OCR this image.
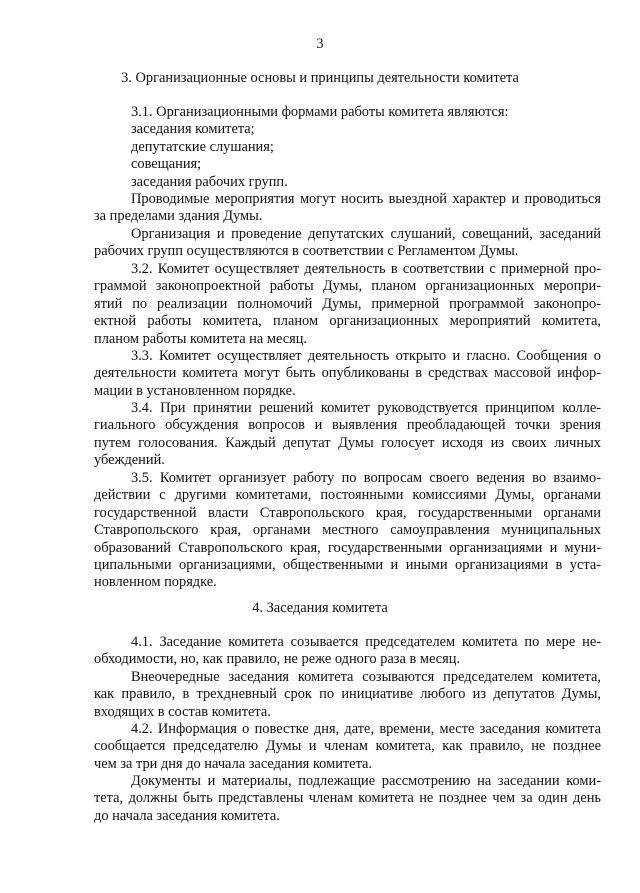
3
3. Организационные основы и принципы деятельности комитета
3.1. Организационными формами работы комитета являются:
заседания комитета;
депутатские слушания;
совещания;
заседания рабочих групп.
Проводимые мероприятия могут носить выездной характер и проводиться
за пределами здания Думы.
Организация и проведение депутатских слушаний, совещаний, заседаний
рабочих групп осуществляются в соответствии с Регламентом Думы.
3.2. Комитет осуществляет деятельность в соответствии с примерной про-
граммой законопроектной работы Думы, планом организационных меропри-
ятий по реализации полномочий Думы, примерной программой законопро-
ектной работы комитета, планом организационных мероприятий комитета,
планом работы комитета на месяц.
3.3. Комитет осуществляет деятельность открыто и гласно. Сообщения о
деятельности комитета могут быть опубликованы в средствах массовой инфор-
мации в установленном порядке.
3.4. При принятии решений комитет руководствуется принципом колле-
гиального обсуждения вопросов и выявления преобладающей точки зрения
путем голосования. Каждый депутат Думы голосует исходя из своих личных
убеждений.
3.5. Комитет организует работу по вопросам своего ведения во взаимо-
действии с другими комитетами, постоянными комиссиями Думы, органами
государственной власти Ставропольского края, государственными органами
Ставропольского края, органами местного самоуправления муниципальных
образований Ставропольского края, государственными организациями и муни-
ципальными организациями, общественными и иными организациями в уста-
новленном порядке.
4. Заседания комитета
4.1. Заседание комитета созывается председателем комитета по мере не-
обходимости, но, как правило, не реже одного раза в месяц.
Внеочередные заседания комитета созываются председателем комитета,
как правило, в трехдневный срок по инициативе любого из депутатов Думы,
входящих в состав комитета.
4.2. Информация о повестке дня, дате, времени, месте заседания комитета
сообщается председателю Думы и членам комитета, как правило, не позднее
чем за три дня до начала заседания комитета.
Документы и материалы, подлежащие рассмотрению на заседании коми-
тета, должны быть представлены членам комитета не позднее чем за один день
до начала заседания комитета.
